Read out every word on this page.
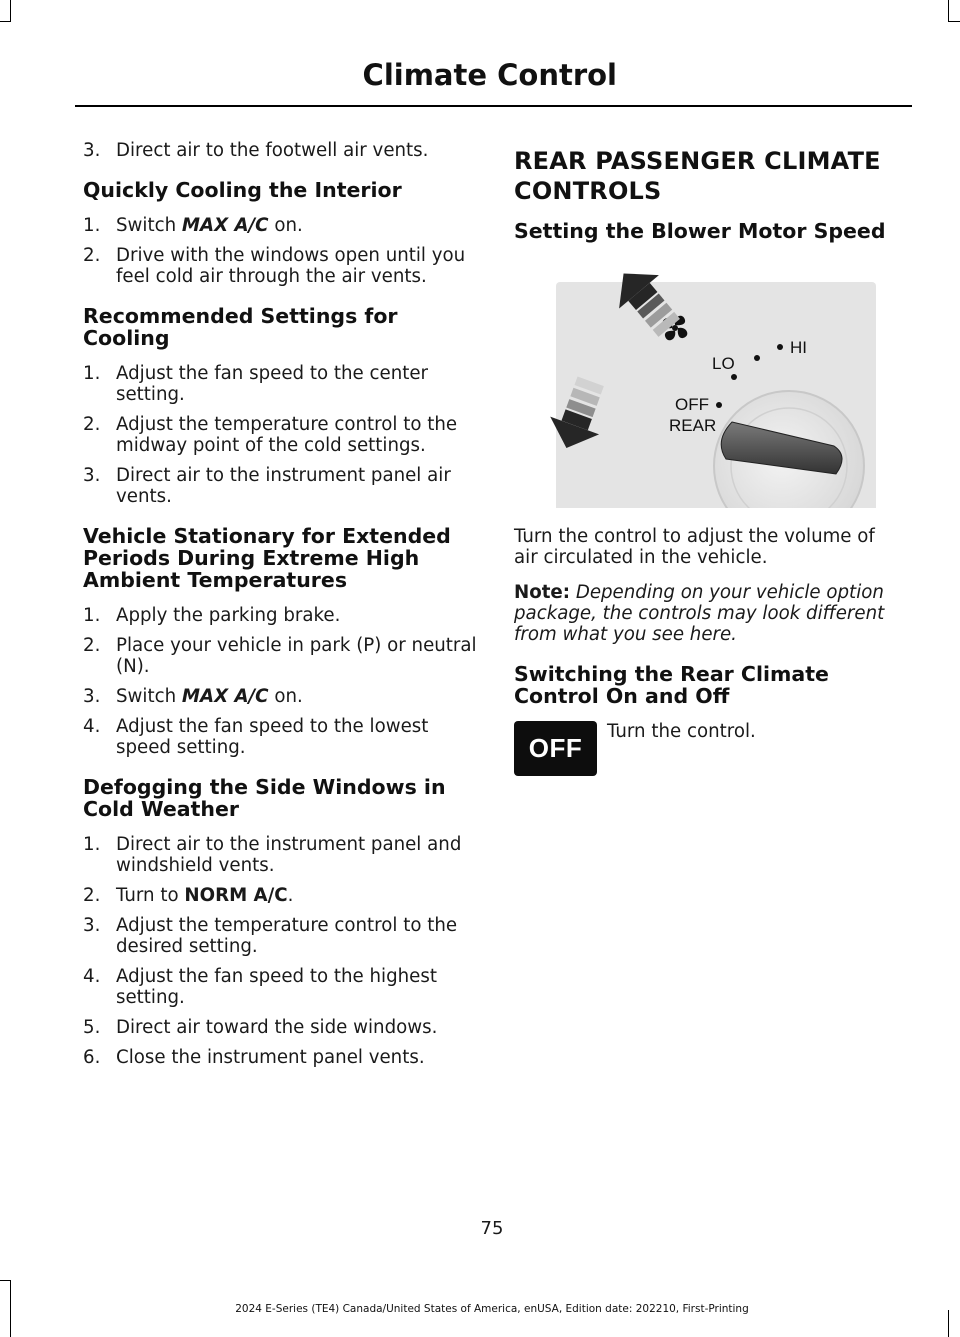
Climate Control
3. Direct air to the footwell air vents.
Quickly Cooling the Interior
1. Switch MAX A/C on.
2. Drive with the windows open until you feel cold air through the air vents.
Recommended Settings for Cooling
1. Adjust the fan speed to the center setting.
2. Adjust the temperature control to the midway point of the cold settings.
3. Direct air to the instrument panel air vents.
Vehicle Stationary for Extended Periods During Extreme High Ambient Temperatures
1. Apply the parking brake.
2. Place your vehicle in park (P) or neutral (N).
3. Switch MAX A/C on.
4. Adjust the fan speed to the lowest speed setting.
Defogging the Side Windows in Cold Weather
1. Direct air to the instrument panel and windshield vents.
2. Turn to NORM A/C.
3. Adjust the temperature control to the desired setting.
4. Adjust the fan speed to the highest setting.
5. Direct air toward the side windows.
6. Close the instrument panel vents.
REAR PASSENGER CLIMATE CONTROLS
Setting the Blower Motor Speed
HI
LO
OFF
REAR

Turn the control to adjust the volume of air circulated in the vehicle.

Note: Depending on your vehicle option package, the controls may look different from what you see here.

Switching the Rear Climate Control On and Off
OFF
Turn the control.
75
2024 E-Series (TE4) Canada/United States of America, enUSA, Edition date: 202210, First-Printing
